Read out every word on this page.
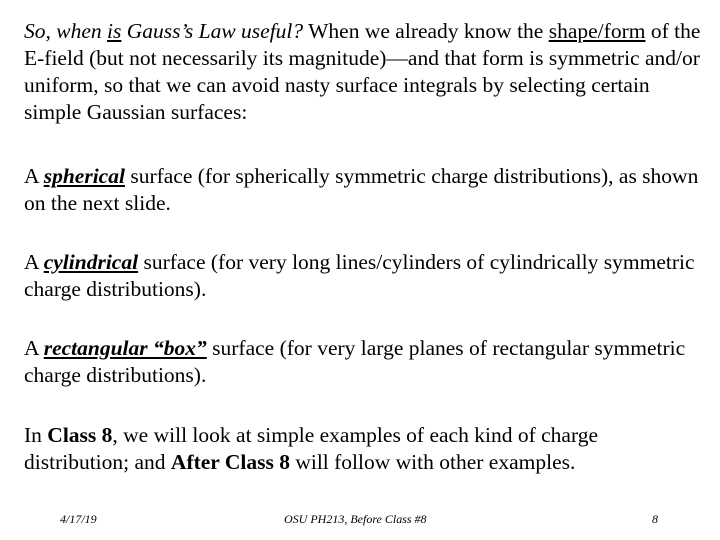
So, when is Gauss’s Law useful? When we already know the shape/form of the E-field (but not necessarily its magnitude)—and that form is symmetric and/or uniform, so that we can avoid nasty surface integrals by selecting certain simple Gaussian surfaces:

A spherical surface (for spherically symmetric charge distributions), as shown on the next slide.

A cylindrical surface (for very long lines/cylinders of cylindrically symmetric charge distributions).

A rectangular “box” surface (for very large planes of rectangular symmetric charge distributions).

In Class 8, we will look at simple examples of each kind of charge distribution; and After Class 8 will follow with other examples.

4/17/19	OSU PH213, Before Class #8	8
